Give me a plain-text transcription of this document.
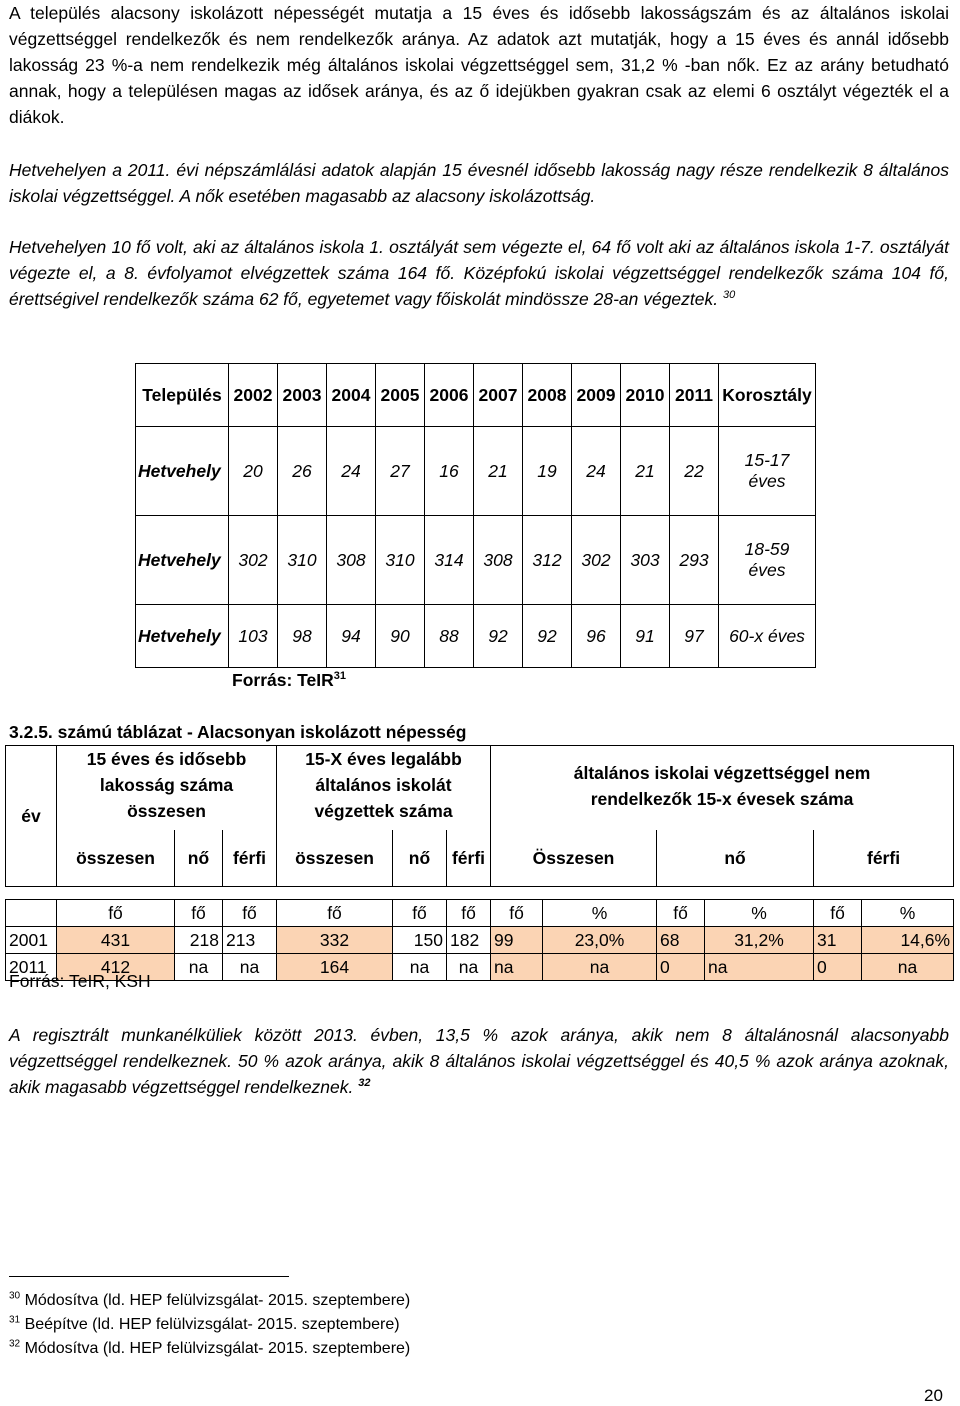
A település alacsony iskolázott népességét mutatja a 15 éves és idősebb lakosságszám és az általános iskolai végzettséggel rendelkezők és nem rendelkezők aránya. Az adatok azt mutatják, hogy a 15 éves és annál idősebb lakosság 23 %-a nem rendelkezik még általános iskolai végzettséggel sem, 31,2 % -ban nők. Ez az arány betudható annak, hogy a településen magas az idősek aránya, és az ő idejükben gyakran csak az elemi 6 osztályt végezték el a diákok.

Hetvehelyen a 2011. évi népszámlálási adatok alapján 15 évesnél idősebb lakosság nagy része rendelkezik 8 általános iskolai végzettséggel. A nők esetében magasabb az alacsony iskolázottság.

Hetvehelyen 10 fő volt, aki az általános iskola 1. osztályát sem végezte el, 64 fő volt aki az általános iskola 1-7. osztályát végezte el, a 8. évfolyamot elvégzettek száma 164 fő. Középfokú iskolai végzettséggel rendelkezők száma 104 fő, érettségivel rendelkezők száma 62 fő, egyetemet vagy főiskolát mindössze 28-an végeztek. $^{30}$

Település	2002	2003	2004	2005	2006	2007	2008	2009	2010	2011	Korosztály
Hetvehely	20	26	24	27	16	21	19	24	21	22	15-17
éves
Hetvehely	302	310	308	310	314	308	312	302	303	293	18-59
éves
Hetvehely	103	98	94	90	88	92	92	96	91	97	60-x éves
Forrás: TeIR$^{31}$
3.2.5. számú táblázat - Alacsonyan iskolázott népesség
év	15 éves és idősebb lakosság száma összesen			15-X éves legalább általános iskolát végzettek száma			általános iskolai végzettséggel nem rendelkezők 15-x évesek száma					
	összesen	nő	férfi	összesen	nő	férfi	Összesen		nő		férfi	

	fő	fő	fő	fő	fő	fő	fő	%	fő	%	fő	%
2001	431	218	213	332	150	182	99	23,0%	68	31,2%	31	14,6%
2011	412	na	na	164	na	na	na	na	0	na	0	na
Forrás: TeIR, KSH

A regisztrált munkanélküliek között 2013. évben, 13,5 % azok aránya, akik nem 8 általánosnál alacsonyabb végzettséggel rendelkeznek. 50 % azok aránya, akik 8 általános iskolai végzettséggel és 40,5 % azok aránya azoknak, akik magasabb végzettséggel rendelkeznek. $^{32}$

$^{30}$ Módosítva (ld. HEP felülvizsgálat- 2015. szeptembere)
$^{31}$ Beépítve (ld. HEP felülvizsgálat- 2015. szeptembere)
$^{32}$ Módosítva (ld. HEP felülvizsgálat- 2015. szeptembere)
20
